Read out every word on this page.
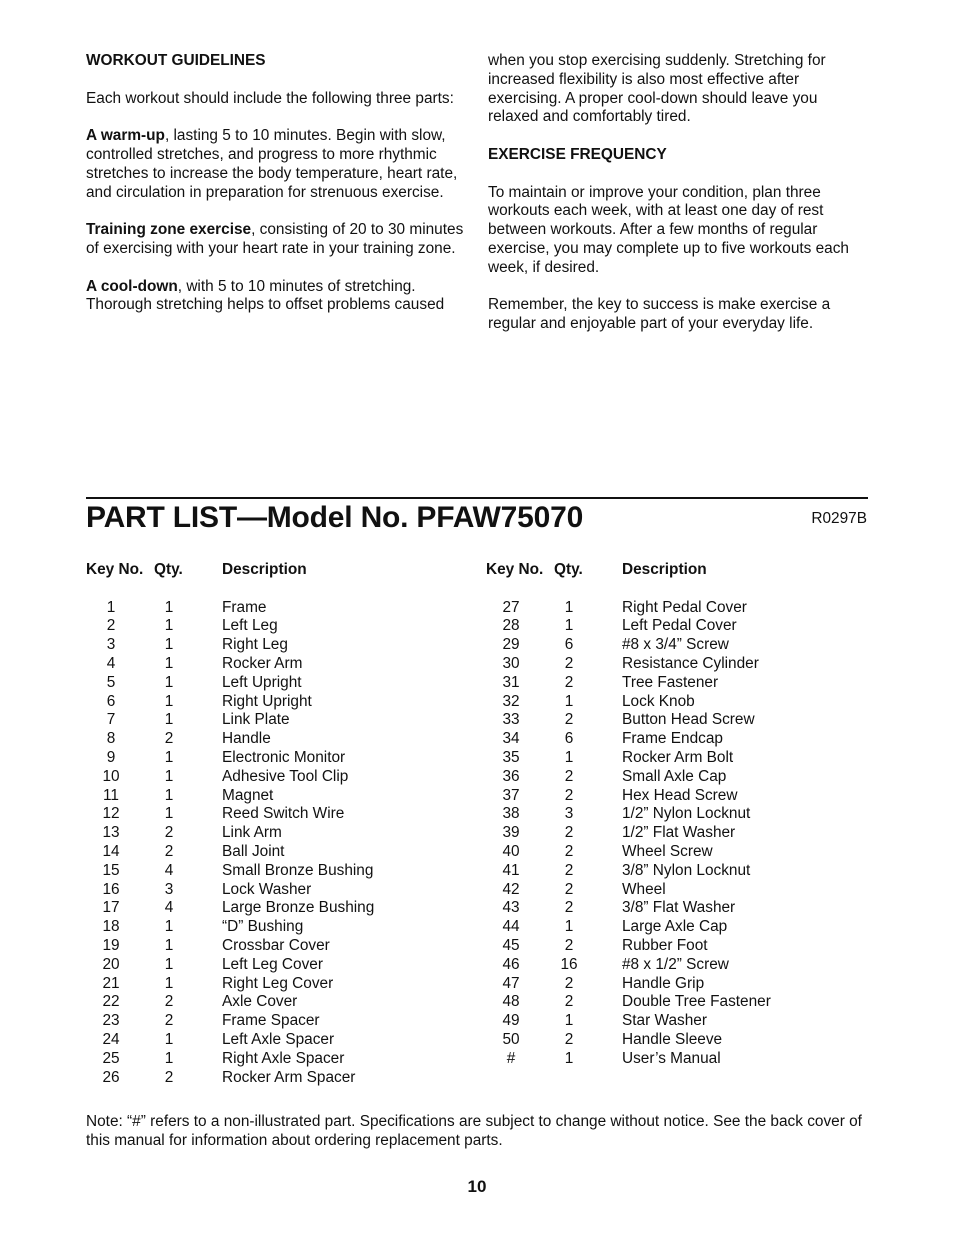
WORKOUT GUIDELINES

Each workout should include the following three parts:

A warm-up, lasting 5 to 10 minutes. Begin with slow, controlled stretches, and progress to more rhythmic stretches to increase the body temperature, heart rate, and circulation in preparation for strenuous exercise.

Training zone exercise, consisting of 20 to 30 minutes of exercising with your heart rate in your training zone.

A cool-down, with 5 to 10 minutes of stretching. Thorough stretching helps to offset problems caused

when you stop exercising suddenly. Stretching for increased flexibility is also most effective after exercising. A proper cool-down should leave you relaxed and comfortably tired.

EXERCISE FREQUENCY

To maintain or improve your condition, plan three workouts each week, with at least one day of rest between workouts. After a few months of regular exercise, you may complete up to five workouts each week, if desired.

Remember, the key to success is make exercise a regular and enjoyable part of your everyday life.

PART LIST—Model No. PFAW75070	R0297B
Key No. Qty.	Description
1	1	Frame
2	1	Left Leg
3	1	Right Leg
4	1	Rocker Arm
5	1	Left Upright
6	1	Right Upright
7	1	Link Plate
8	2	Handle
9	1	Electronic Monitor
10	1	Adhesive Tool Clip
11	1	Magnet
12	1	Reed Switch Wire
13	2	Link Arm
14	2	Ball Joint
15	4	Small Bronze Bushing
16	3	Lock Washer
17	4	Large Bronze Bushing
18	1	“D” Bushing
19	1	Crossbar Cover
20	1	Left Leg Cover
21	1	Right Leg Cover
22	2	Axle Cover
23	2	Frame Spacer
24	1	Left Axle Spacer
25	1	Right Axle Spacer
26	2	Rocker Arm Spacer
Key No. Qty.	Description
27	1	Right Pedal Cover
28	1	Left Pedal Cover
29	6	#8 x 3/4” Screw
30	2	Resistance Cylinder
31	2	Tree Fastener
32	1	Lock Knob
33	2	Button Head Screw
34	6	Frame Endcap
35	1	Rocker Arm Bolt
36	2	Small Axle Cap
37	2	Hex Head Screw
38	3	1/2” Nylon Locknut
39	2	1/2” Flat Washer
40	2	Wheel Screw
41	2	3/8” Nylon Locknut
42	2	Wheel
43	2	3/8” Flat Washer
44	1	Large Axle Cap
45	2	Rubber Foot
46	16	#8 x 1/2” Screw
47	2	Handle Grip
48	2	Double Tree Fastener
49	1	Star Washer
50	2	Handle Sleeve
#	1	User’s Manual

Note: “#” refers to a non-illustrated part. Specifications are subject to change without notice. See the back cover of this manual for information about ordering replacement parts.

10
